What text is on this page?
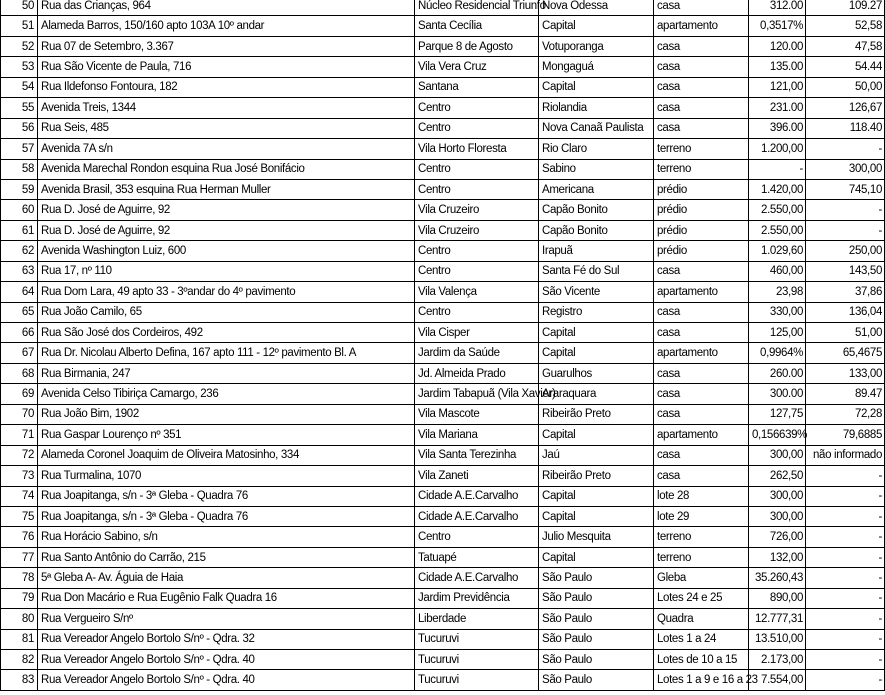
50	Rua das Crianças, 964	Núcleo Residencial Triunfo	Nova Odessa	casa	312.00	109.27
51	Alameda Barros, 150/160 apto 103A 10º andar	Santa Cecília	Capital	apartamento	0,3517%	52,58
52	Rua 07 de Setembro, 3.367	Parque 8 de Agosto	Votuporanga	casa	120.00	47,58
53	Rua São Vicente de Paula, 716	Vila Vera Cruz	Mongaguá	casa	135.00	54.44
54	Rua Ildefonso Fontoura, 182	Santana	Capital	casa	121,00	50,00
55	Avenida Treis, 1344	Centro	Riolandia	casa	231.00	126,67
56	Rua Seis, 485	Centro	Nova Canaã Paulista	casa	396.00	118.40
57	Avenida 7A s/n	Vila Horto Floresta	Rio Claro	terreno	1.200,00	-
58	Avenida Marechal Rondon esquina Rua José Bonifácio	Centro	Sabino	terreno	-	300,00
59	Avenida Brasil, 353 esquina Rua Herman Muller	Centro	Americana	prédio	1.420,00	745,10
60	Rua D. José de Aguirre, 92	Vila Cruzeiro	Capão Bonito	prédio	2.550,00	-
61	Rua D. José de Aguirre, 92	Vila Cruzeiro	Capão Bonito	prédio	2.550,00	-
62	Avenida Washington Luiz, 600	Centro	Irapuã	prédio	1.029,60	250,00
63	Rua 17, nº 110	Centro	Santa Fé do Sul	casa	460,00	143,50
64	Rua Dom Lara, 49 apto 33 - 3ºandar do 4º pavimento	Vila Valença	São Vicente	apartamento	23,98	37,86
65	Rua João Camilo, 65	Centro	Registro	casa	330,00	136,04
66	Rua São José dos Cordeiros, 492	Vila Cisper	Capital	casa	125,00	51,00
67	Rua Dr. Nicolau Alberto Defina, 167 apto 111 - 12º pavimento Bl. A	Jardim da Saúde	Capital	apartamento	0,9964%	65,4675
68	Rua Birmania, 247	Jd. Almeida Prado	Guarulhos	casa	260.00	133,00
69	Avenida Celso Tibiriça Camargo, 236	Jardim Tabapuã (Vila Xavier)	Araraquara	casa	300.00	89.47
70	Rua João Bim, 1902	Vila Mascote	Ribeirão Preto	casa	127,75	72,28
71	Rua Gaspar Lourenço nº 351	Vila Mariana	Capital	apartamento	0,156639%	79,6885
72	Alameda Coronel Joaquim de Oliveira Matosinho, 334	Vila Santa Terezinha	Jaú	casa	300,00	não informado
73	Rua Turmalina, 1070	Vila Zaneti	Ribeirão Preto	casa	262,50	-
74	Rua Joapitanga, s/n - 3ª Gleba - Quadra 76	Cidade A.E.Carvalho	Capital	lote 28	300,00	-
75	Rua Joapitanga, s/n - 3ª Gleba - Quadra 76	Cidade A.E.Carvalho	Capital	lote 29	300,00	-
76	Rua Horácio Sabino, s/n	Centro	Julio Mesquita	terreno	726,00	-
77	Rua Santo Antônio do Carrão, 215	Tatuapé	Capital	terreno	132,00	-
78	5ª Gleba A- Av. Águia de Haia	Cidade A.E.Carvalho	São Paulo	Gleba	35.260,43	-
79	Rua Don Macário e Rua Eugênio Falk Quadra 16	Jardim Previdência	São Paulo	Lotes 24 e 25	890,00	-
80	Rua Vergueiro S/nº	Liberdade	São Paulo	Quadra	12.777,31	-
81	Rua Vereador Angelo Bortolo S/nº - Qdra. 32	Tucuruvi	São Paulo	Lotes 1 a 24	13.510,00	-
82	Rua Vereador Angelo Bortolo S/nº - Qdra. 40	Tucuruvi	São Paulo	Lotes de 10 a 15	2.173,00	-
83	Rua Vereador Angelo Bortolo S/nº - Qdra. 40	Tucuruvi	São Paulo	Lotes 1 a 9 e 16 a 23	7.554,00	-
